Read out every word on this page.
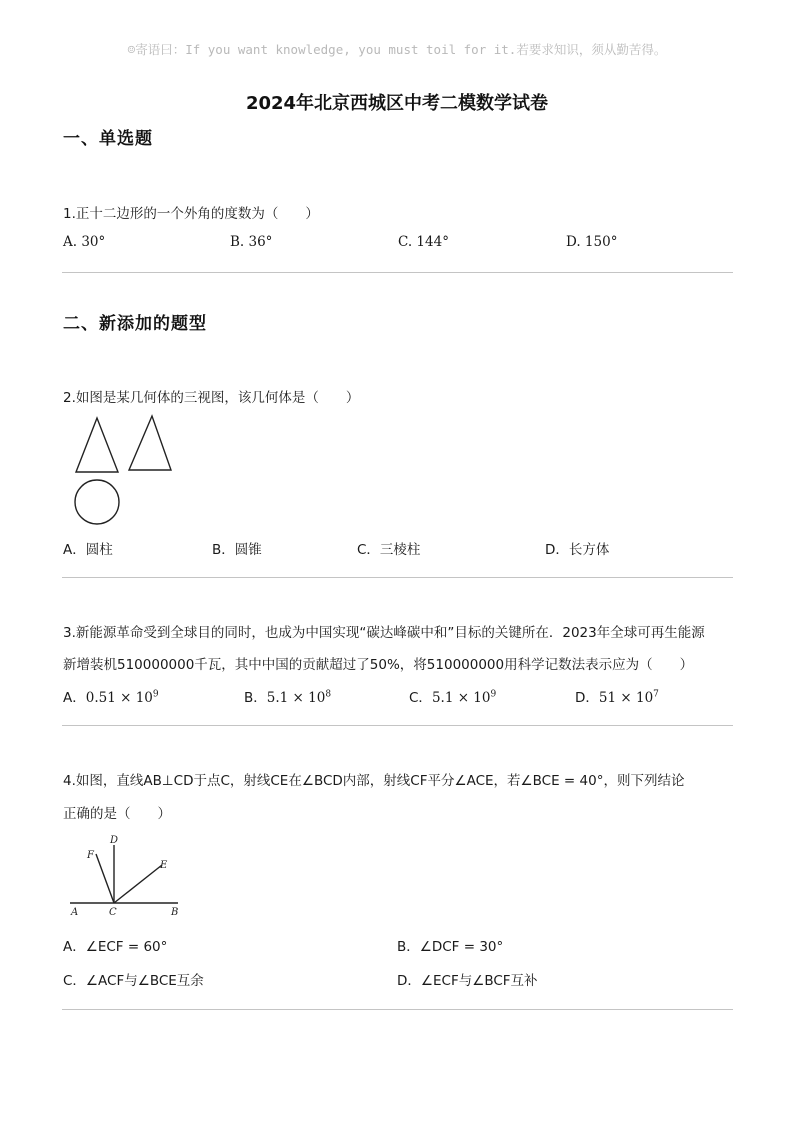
☺寄语曰：If you want knowledge, you must toil for it.若要求知识，须从勤苦得。
2024年北京西城区中考二模数学试卷
一、单选题
1.正十二边形的一个外角的度数为（　　）
A. 30°	B. 36°	C. 144°	D. 150°
二、新添加的题型
2.如图是某几何体的三视图，该几何体是（　　）
A．圆柱	B．圆锥	C．三棱柱	D．长方体
3.新能源革命受到全球目的同时，也成为中国实现“碳达峰碳中和”目标的关键所在．2023年全球可再生能源
新增装机510000000千瓦，其中中国的贡献超过了50%，将510000000用科学记数法表示应为（　　）
A．$0.51 \times 10^9$	B．$5.1 \times 10^8$	C．$5.1 \times 10^9$	D．$51 \times 10^7$
4.如图，直线AB⊥CD于点C，射线CE在∠BCD内部，射线CF平分∠ACE，若∠BCE = 40°，则下列结论
正确的是（　　）
F
D
E
A	C	B
A．∠ECF = 60°	B．∠DCF = 30°
C．∠ACF与∠BCE互余	D．∠ECF与∠BCF互补
